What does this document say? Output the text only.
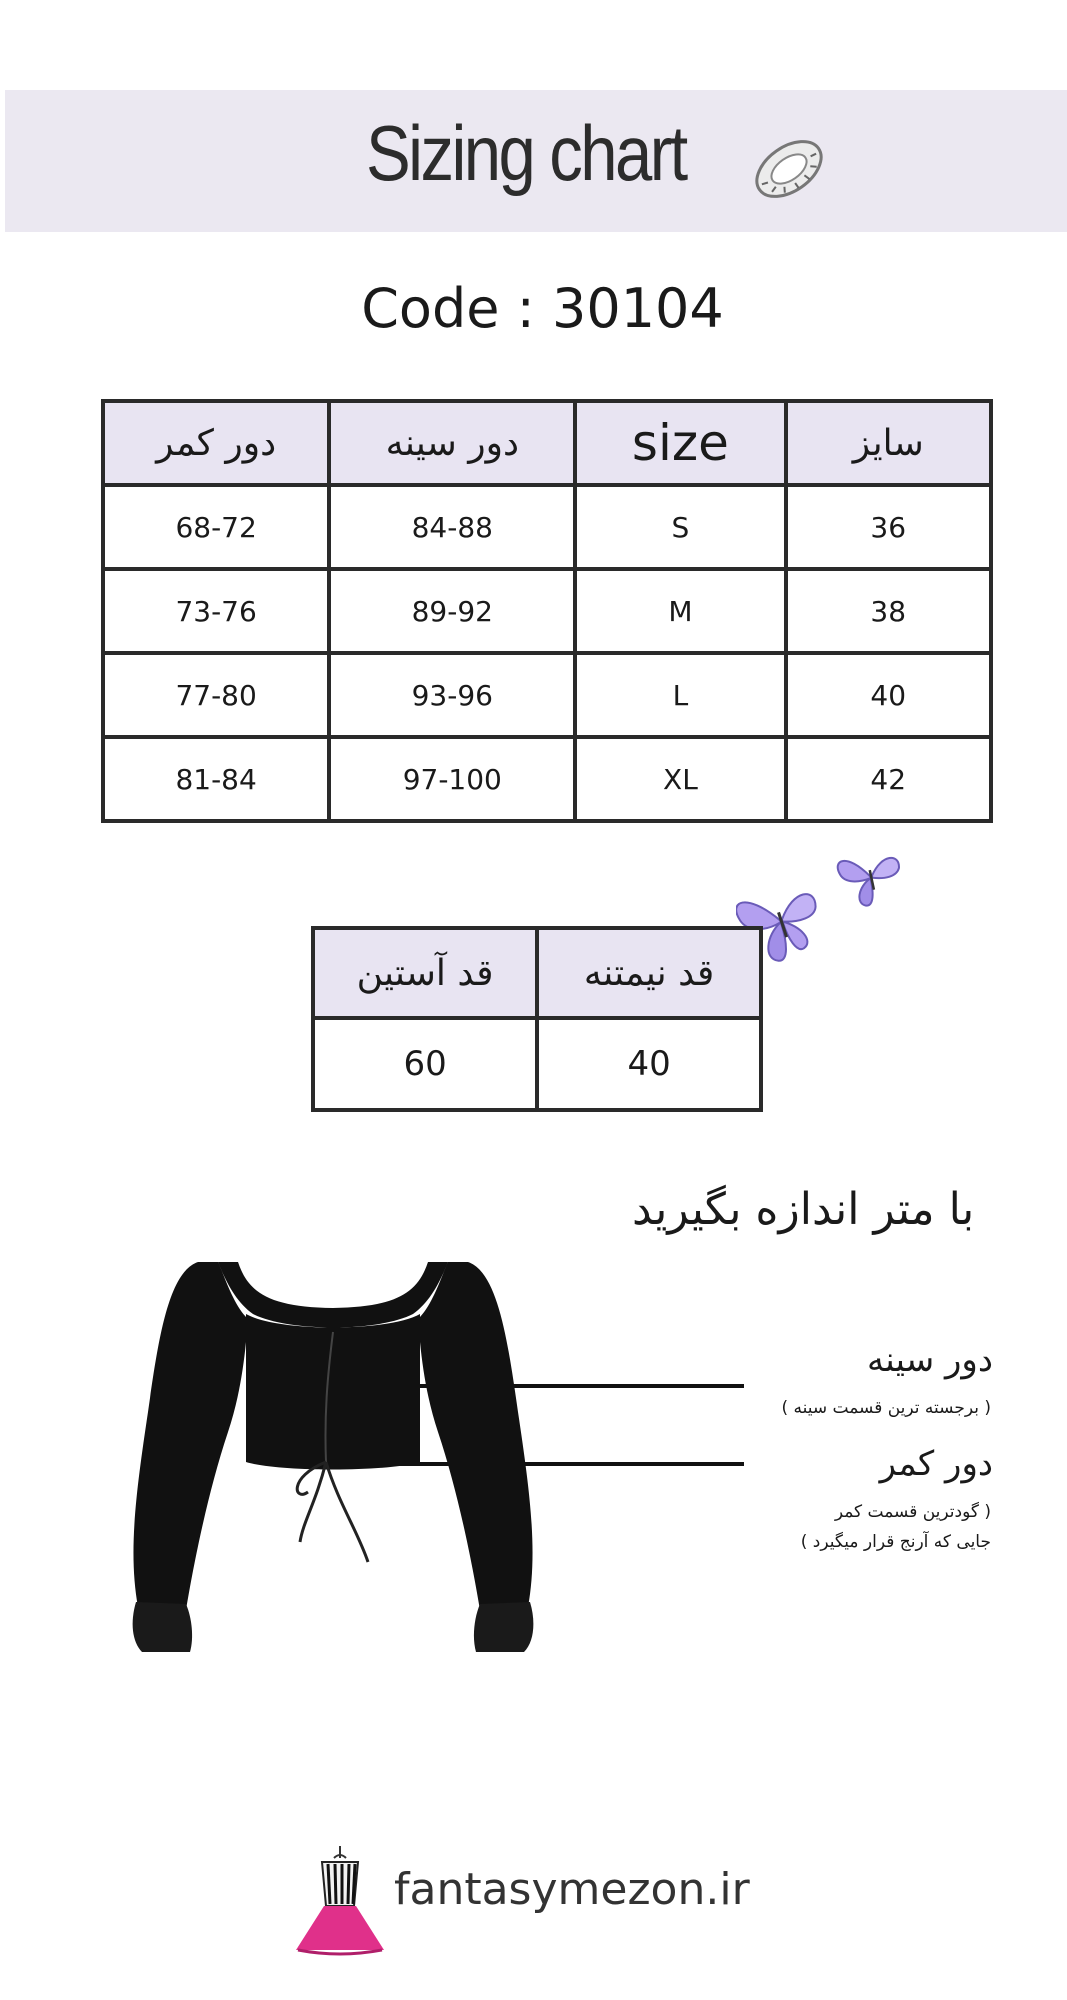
Sizing chart
Code : 30104
دور کمر	دور سینه	size	سایز
68-72	84-88	S	36
73-76	89-92	M	38
77-80	93-96	L	40
81-84	97-100	XL	42
قد آستین	قد نیمتنه
60	40
با متر اندازه بگیرید
دور سینه
( برجسته ترین قسمت سینه )
دور کمر
( گودترین قسمت کمر
جایی که آرنج قرار میگیرد )
fantasymezon.ir
